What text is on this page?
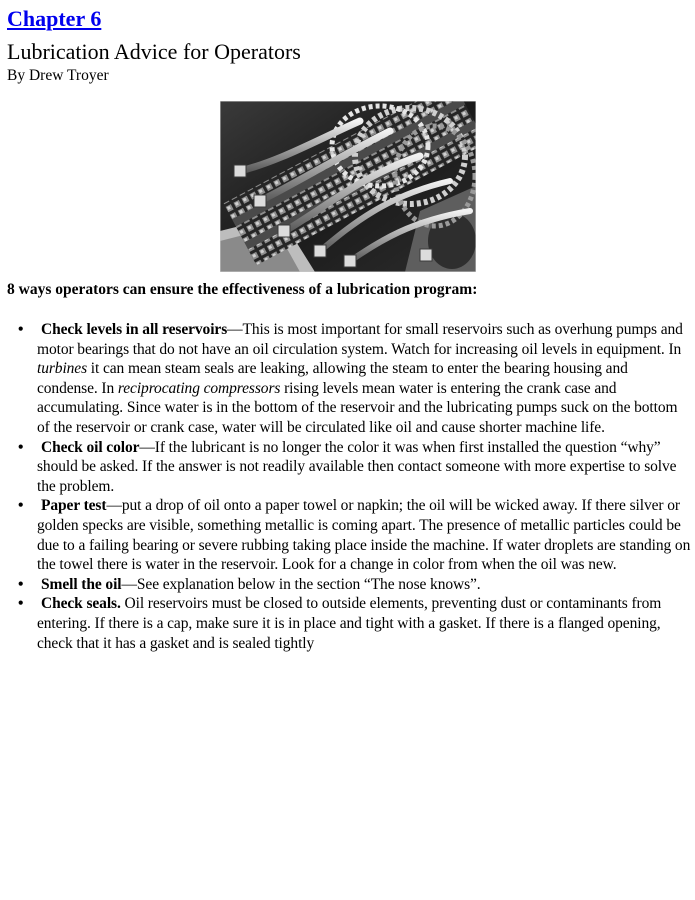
Chapter 6
Lubrication Advice for Operators
By Drew Troyer
8 ways operators can ensure the effectiveness of a lubrication program:
• Check levels in all reservoirs—This is most important for small reservoirs such as overhung pumps and motor bearings that do not have an oil circulation system. Watch for increasing oil levels in equipment. In turbines it can mean steam seals are leaking, allowing the steam to enter the bearing housing and condense. In reciprocating compressors rising levels mean water is entering the crank case and accumulating. Since water is in the bottom of the reservoir and the lubricating pumps suck on the bottom of the reservoir or crank case, water will be circulated like oil and cause shorter machine life.
• Check oil color—If the lubricant is no longer the color it was when first installed the question “why” should be asked. If the answer is not readily available then contact someone with more expertise to solve the problem.
• Paper test—put a drop of oil onto a paper towel or napkin; the oil will be wicked away. If there silver or golden specks are visible, something metallic is coming apart. The presence of metallic particles could be due to a failing bearing or severe rubbing taking place inside the machine. If water droplets are standing on the towel there is water in the reservoir. Look for a change in color from when the oil was new.
• Smell the oil—See explanation below in the section “The nose knows”.
• Check seals. Oil reservoirs must be closed to outside elements, preventing dust or contaminants from entering. If there is a cap, make sure it is in place and tight with a gasket. If there is a flanged opening, check that it has a gasket and is sealed tightly
